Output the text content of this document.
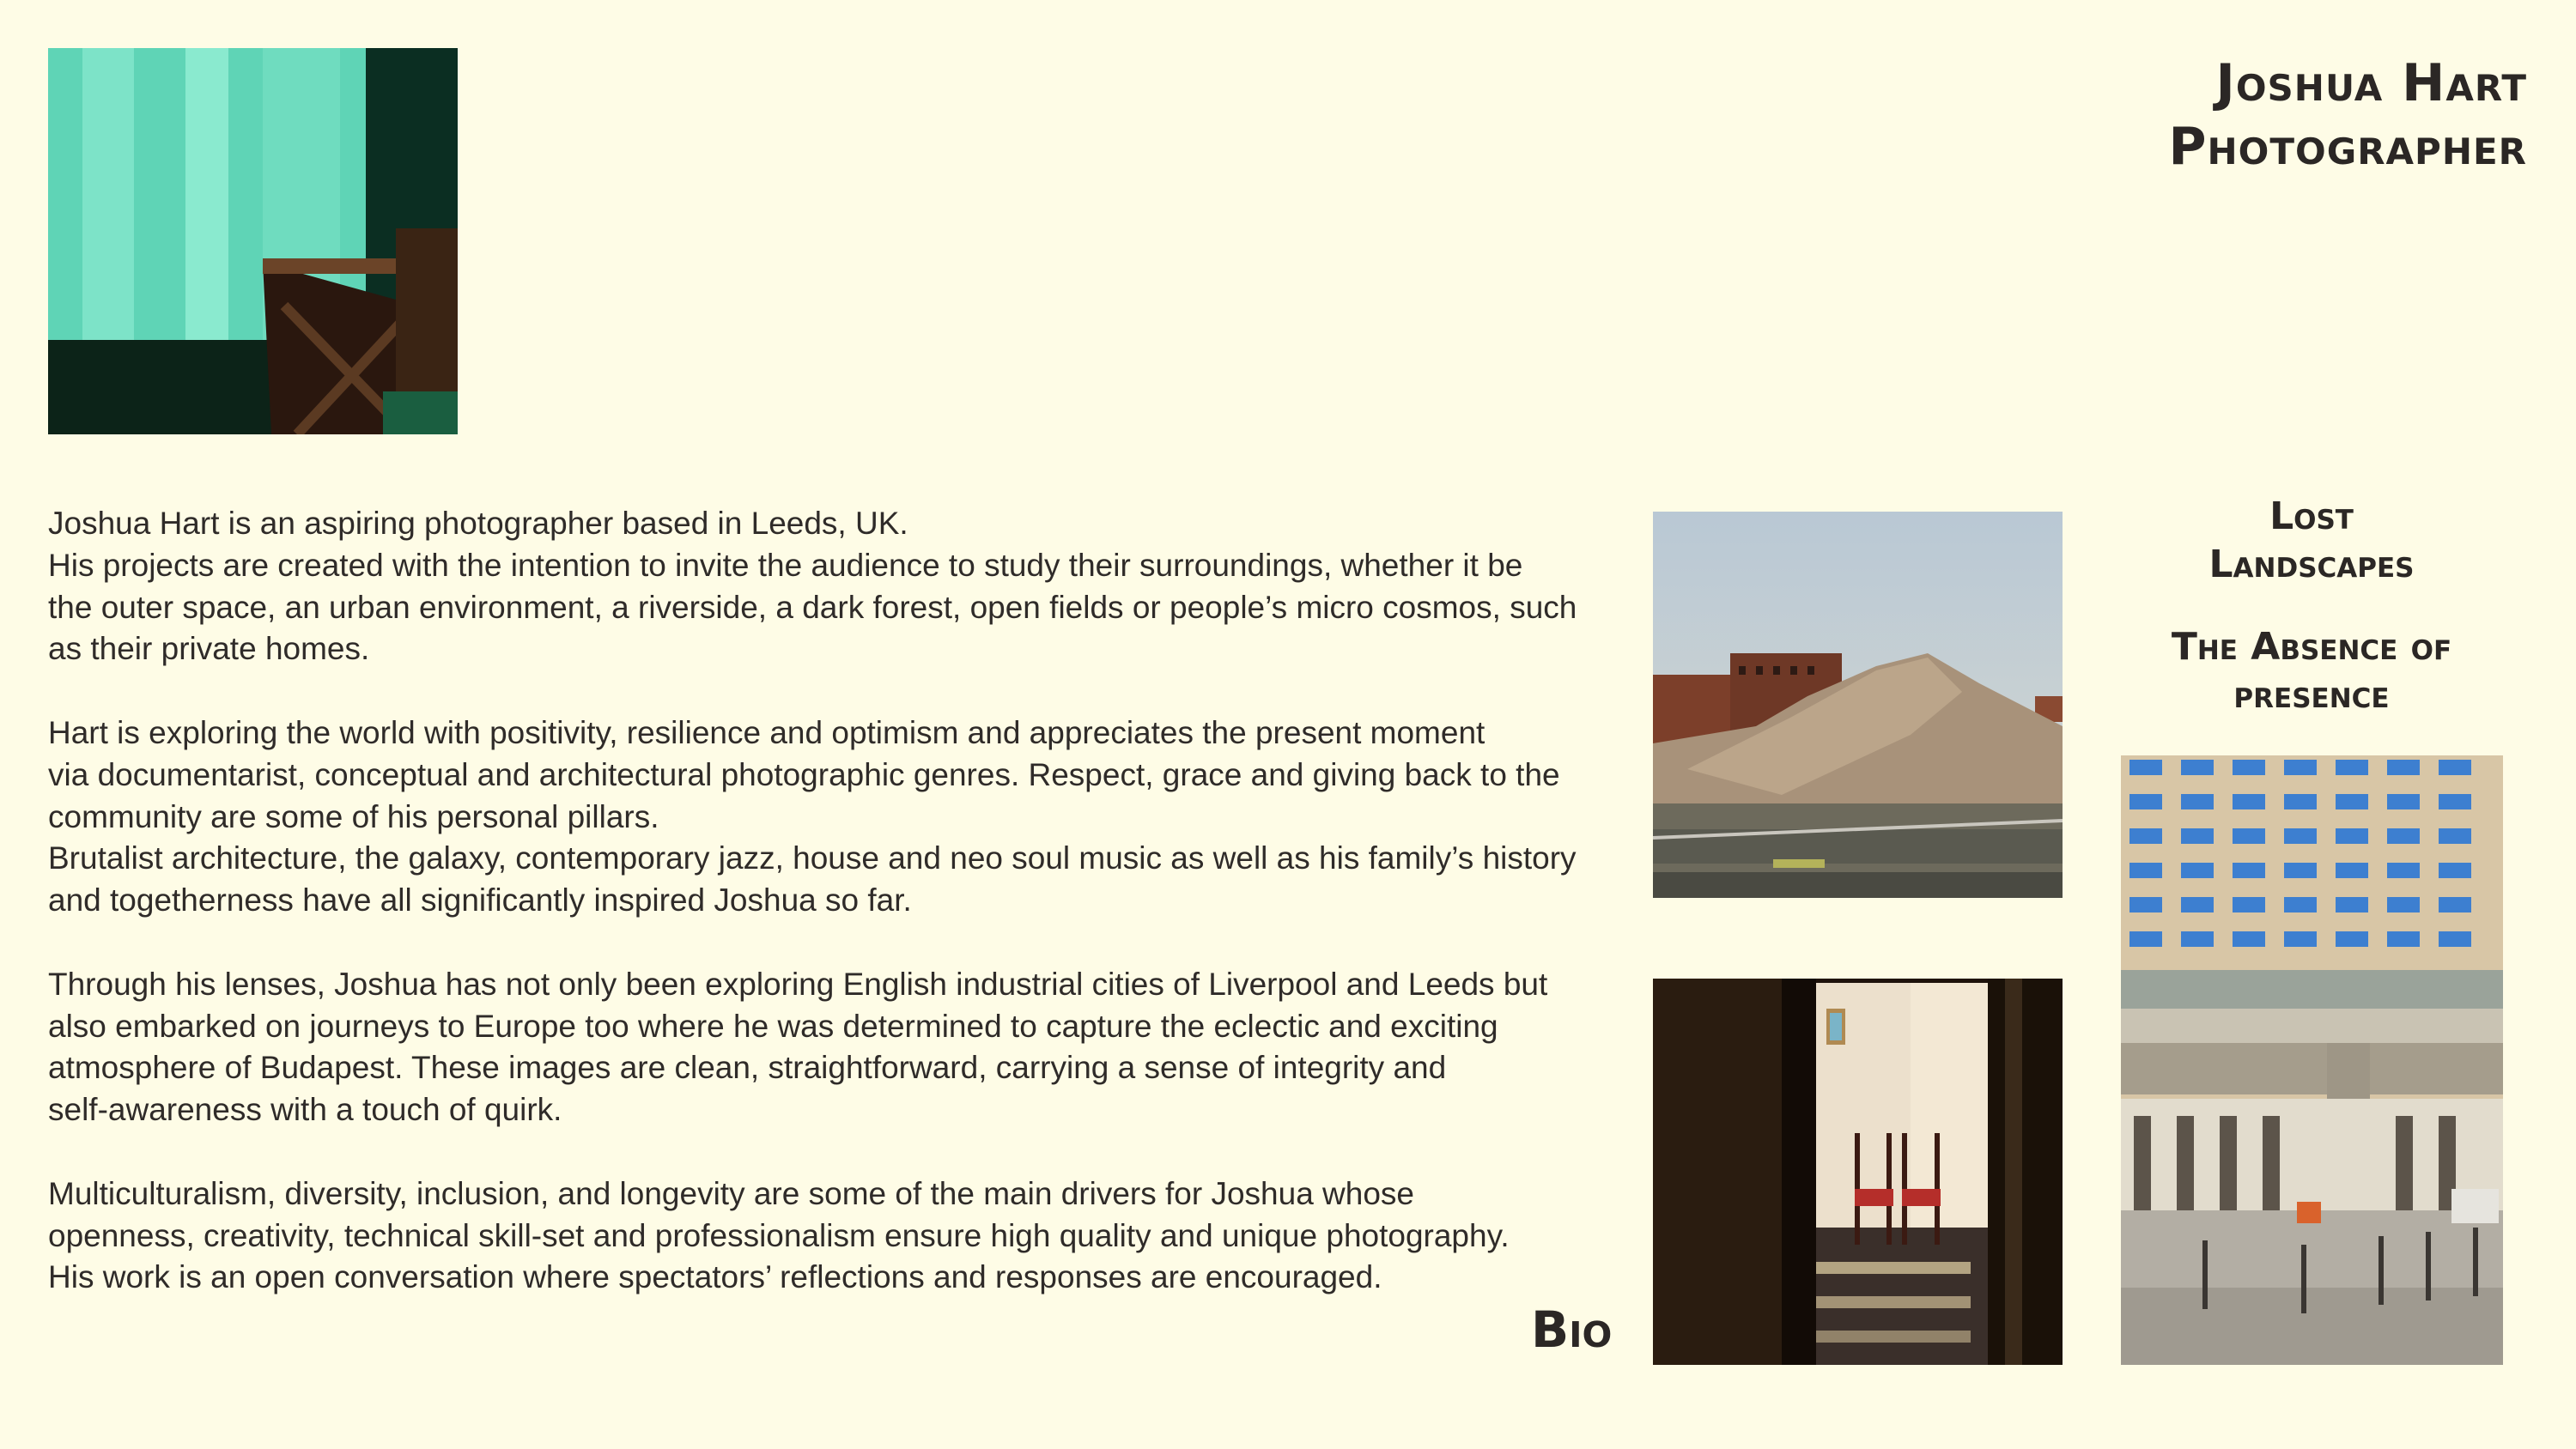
Joshua Hart
Photographer

Joshua Hart is an aspiring photographer based in Leeds, UK.
His projects are created with the intention to invite the audience to study their surroundings, whether it be
the outer space, an urban environment, a riverside, a dark forest, open fields or people’s micro cosmos, such
as their private homes.

Hart is exploring the world with positivity, resilience and optimism and appreciates the present moment
via documentarist, conceptual and architectural photographic genres. Respect, grace and giving back to the
community are some of his personal pillars.
Brutalist architecture, the galaxy, contemporary jazz, house and neo soul music as well as his family’s history
and togetherness have all significantly inspired Joshua so far.

Through his lenses, Joshua has not only been exploring English industrial cities of Liverpool and Leeds but
also embarked on journeys to Europe too where he was determined to capture the eclectic and exciting
atmosphere of Budapest. These images are clean, straightforward, carrying a sense of integrity and
self-awareness with a touch of quirk.

Multiculturalism, diversity, inclusion, and longevity are some of the main drivers for Joshua whose
openness, creativity, technical skill-set and professionalism ensure high quality and unique photography.
His work is an open conversation where spectators’ reflections and responses are encouraged.

Bio
Lost
Landscapes
The Absence of
presence
